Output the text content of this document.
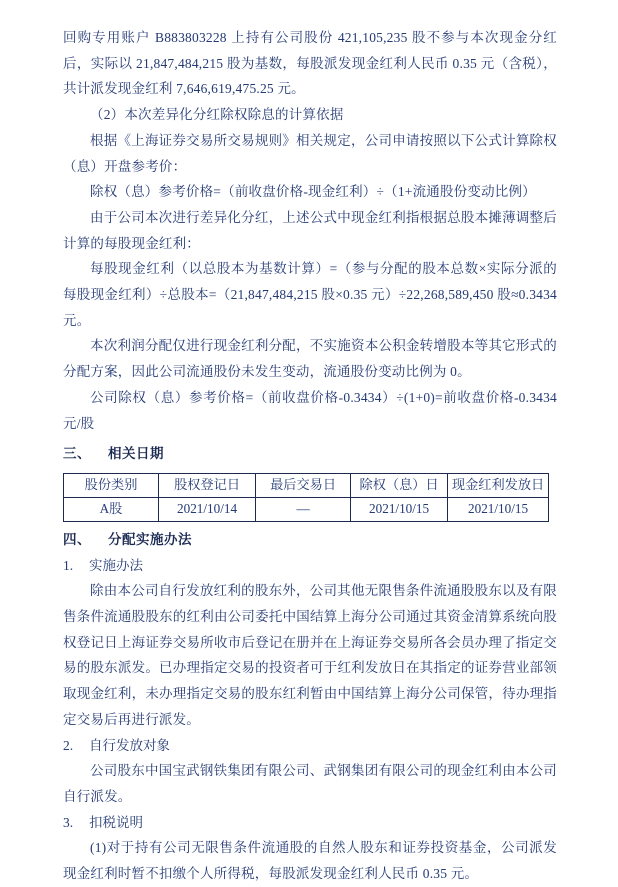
回购专用账户 B883803228 上持有公司股份 421,105,235 股不参与本次现金分红后，实际以 21,847,484,215 股为基数，每股派发现金红利人民币 0.35 元（含税），共计派发现金红利 7,646,619,475.25 元。

（2）本次差异化分红除权除息的计算依据

根据《上海证券交易所交易规则》相关规定，公司申请按照以下公式计算除权（息）开盘参考价：

除权（息）参考价格=（前收盘价格-现金红利）÷（1+流通股份变动比例）

由于公司本次进行差异化分红，上述公式中现金红利指根据总股本摊薄调整后计算的每股现金红利：

每股现金红利（以总股本为基数计算）=（参与分配的股本总数×实际分派的每股现金红利）÷总股本=（21,847,484,215 股×0.35 元）÷22,268,589,450 股≈0.3434 元。

本次利润分配仅进行现金红利分配，不实施资本公积金转增股本等其它形式的分配方案，因此公司流通股份未发生变动，流通股份变动比例为 0。

公司除权（息）参考价格=（前收盘价格-0.3434）÷(1+0)=前收盘价格-0.3434 元/股

三、 相关日期
股份类别	股权登记日	最后交易日	除权（息）日	现金红利发放日
A股	2021/10/14	—	2021/10/15	2021/10/15
四、 分配实施办法
1.	实施办法

除由本公司自行发放红利的股东外，公司其他无限售条件流通股股东以及有限售条件流通股股东的红利由公司委托中国结算上海分公司通过其资金清算系统向股权登记日上海证券交易所收市后登记在册并在上海证券交易所各会员办理了指定交易的股东派发。已办理指定交易的投资者可于红利发放日在其指定的证券营业部领取现金红利，未办理指定交易的股东红利暂由中国结算上海分公司保管，待办理指定交易后再进行派发。

2.	自行发放对象

公司股东中国宝武钢铁集团有限公司、武钢集团有限公司的现金红利由本公司自行派发。

3.	扣税说明

(1)对于持有公司无限售条件流通股的自然人股东和证券投资基金，公司派发现金红利时暂不扣缴个人所得税，每股派发现金红利人民币 0.35 元。
